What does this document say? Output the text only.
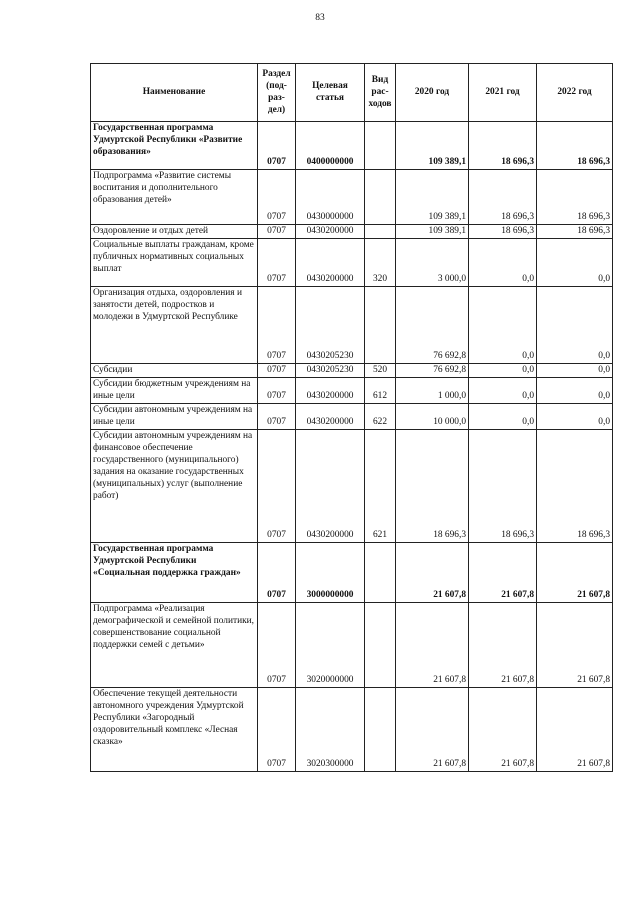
83
Наименование	Раздел (под-раз-дел)	Целевая статья	Вид рас-ходов	2020 год	2021 год	2022 год
Государственная программа Удмуртской Республики «Развитие образования»	0707	0400000000		109 389,1	18 696,3	18 696,3
Подпрограмма «Развитие системы воспитания и дополнительного образования детей»	0707	0430000000		109 389,1	18 696,3	18 696,3
Оздоровление и отдых детей	0707	0430200000		109 389,1	18 696,3	18 696,3
Социальные выплаты гражданам, кроме публичных нормативных социальных выплат	0707	0430200000	320	3 000,0	0,0	0,0
Организация отдыха, оздоровления и занятости детей, подростков и молодежи в Удмуртской Республике	0707	0430205230		76 692,8	0,0	0,0
Субсидии	0707	0430205230	520	76 692,8	0,0	0,0
Субсидии бюджетным учреждениям на иные цели	0707	0430200000	612	1 000,0	0,0	0,0
Субсидии автономным учреждениям на иные цели	0707	0430200000	622	10 000,0	0,0	0,0
Субсидии автономным учреждениям на финансовое обеспечение государственного (муниципального) задания на оказание государственных (муниципальных) услуг (выполнение работ)	0707	0430200000	621	18 696,3	18 696,3	18 696,3
Государственная программа Удмуртской Республики «Социальная поддержка граждан»	0707	3000000000		21 607,8	21 607,8	21 607,8
Подпрограмма «Реализация демографической и семейной политики, совершенствование социальной поддержки семей с детьми»	0707	3020000000		21 607,8	21 607,8	21 607,8
Обеспечение текущей деятельности автономного учреждения Удмуртской Республики «Загородный оздоровительный комплекс «Лесная сказка»	0707	3020300000		21 607,8	21 607,8	21 607,8
